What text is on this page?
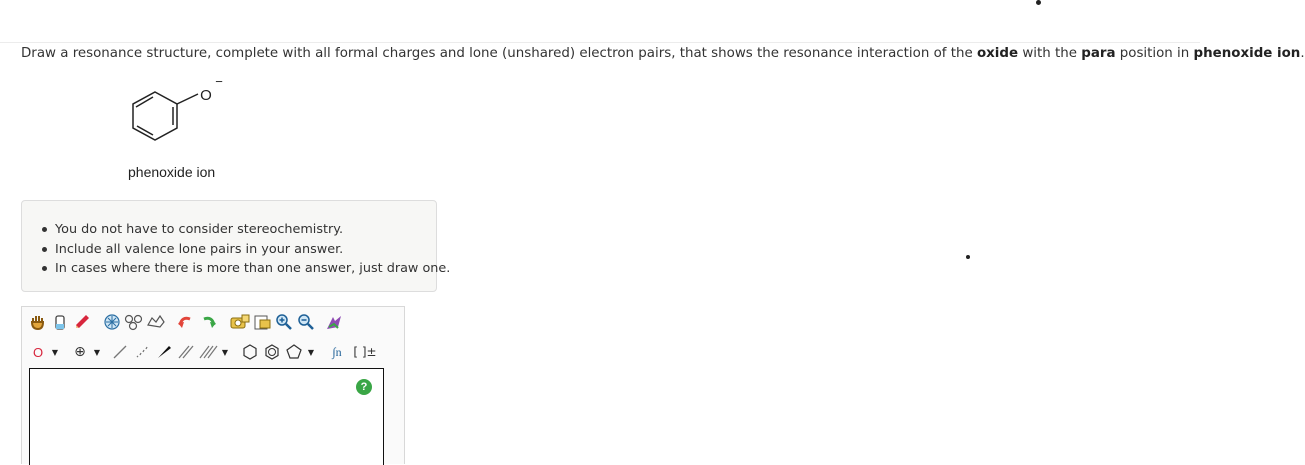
Draw a resonance structure, complete with all formal charges and lone (unshared) electron pairs, that shows the resonance interaction of the oxide with the para position in phenoxide ion.
O
−
phenoxide ion
You do not have to consider stereochemistry.
Include all valence lone pairs in your answer.
In cases where there is more than one answer, just draw one.
O	▼ ⊕	▼	▼	▼	∫n [ ]±
?
